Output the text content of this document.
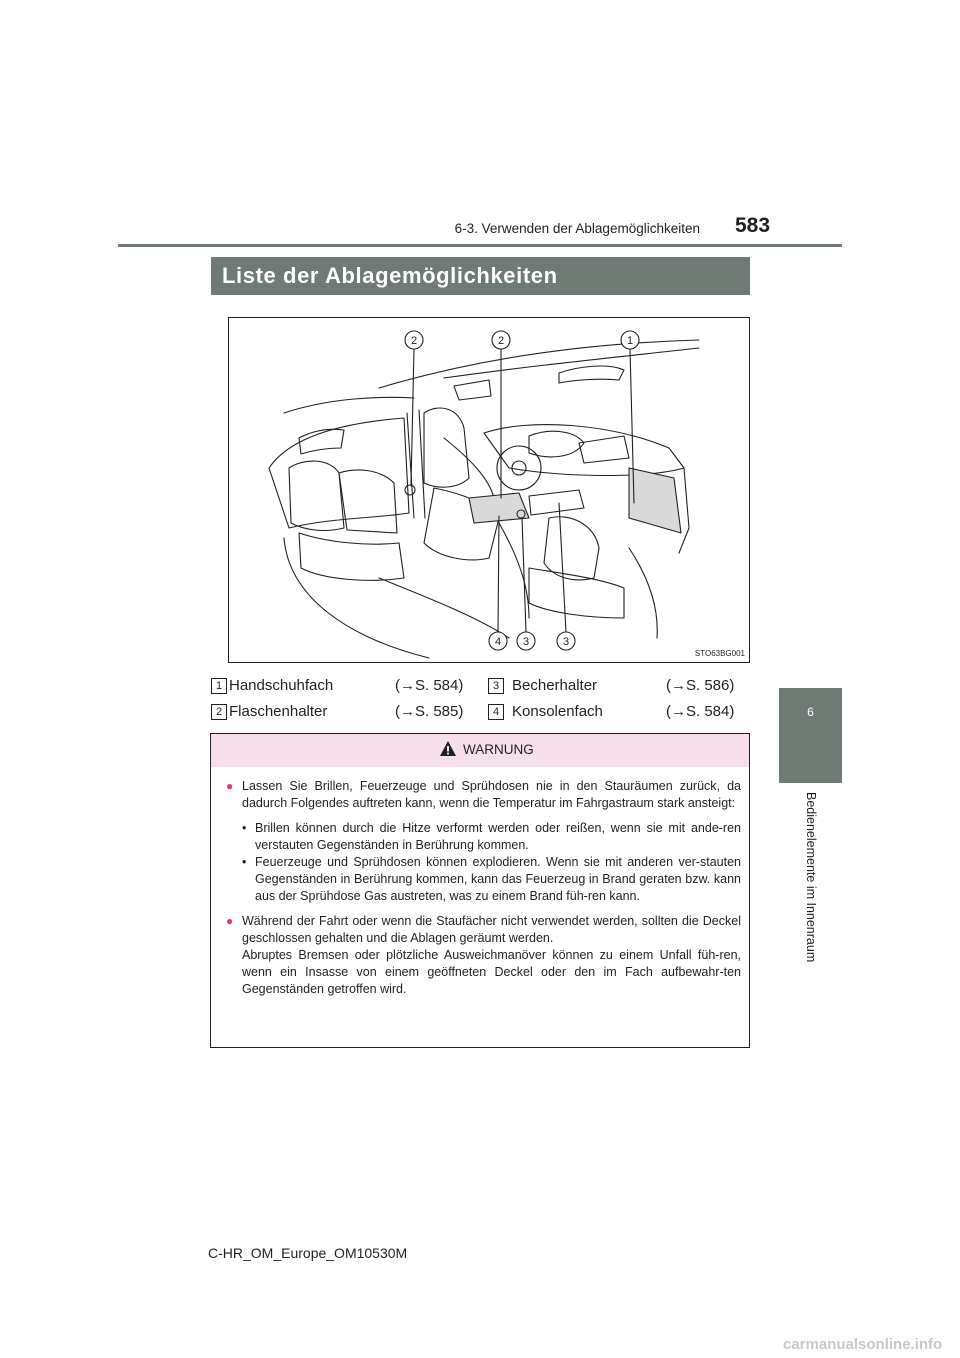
6-3. Verwenden der Ablagemöglichkeiten 583
6
Bedienelemente im Innenraum
Liste der Ablagemöglichkeiten
2	2	1
4 3	3
STO63BG001
1 Handschuhfach	(→S. 584)
2 Flaschenhalter	(→S. 585)
3 Becherhalter	(→S. 586)
4 Konsolenfach	(→S. 584)
WARNUNG
● Lassen Sie Brillen, Feuerzeuge und Sprühdosen nie in den Stauräumen zurück, da dadurch Folgendes auftreten kann, wenn die Temperatur im Fahrgastraum stark ansteigt:
• Brillen können durch die Hitze verformt werden oder reißen, wenn sie mit ande-ren verstauten Gegenständen in Berührung kommen.
• Feuerzeuge und Sprühdosen können explodieren. Wenn sie mit anderen ver-stauten Gegenständen in Berührung kommen, kann das Feuerzeug in Brand geraten bzw. kann aus der Sprühdose Gas austreten, was zu einem Brand füh-ren kann.
● Während der Fahrt oder wenn die Staufächer nicht verwendet werden, sollten die Deckel geschlossen gehalten und die Ablagen geräumt werden.
Abruptes Bremsen oder plötzliche Ausweichmanöver können zu einem Unfall füh-ren, wenn ein Insasse von einem geöffneten Deckel oder den im Fach aufbewahr-ten Gegenständen getroffen wird.
C-HR_OM_Europe_OM10530M
carmanualsonline.info
